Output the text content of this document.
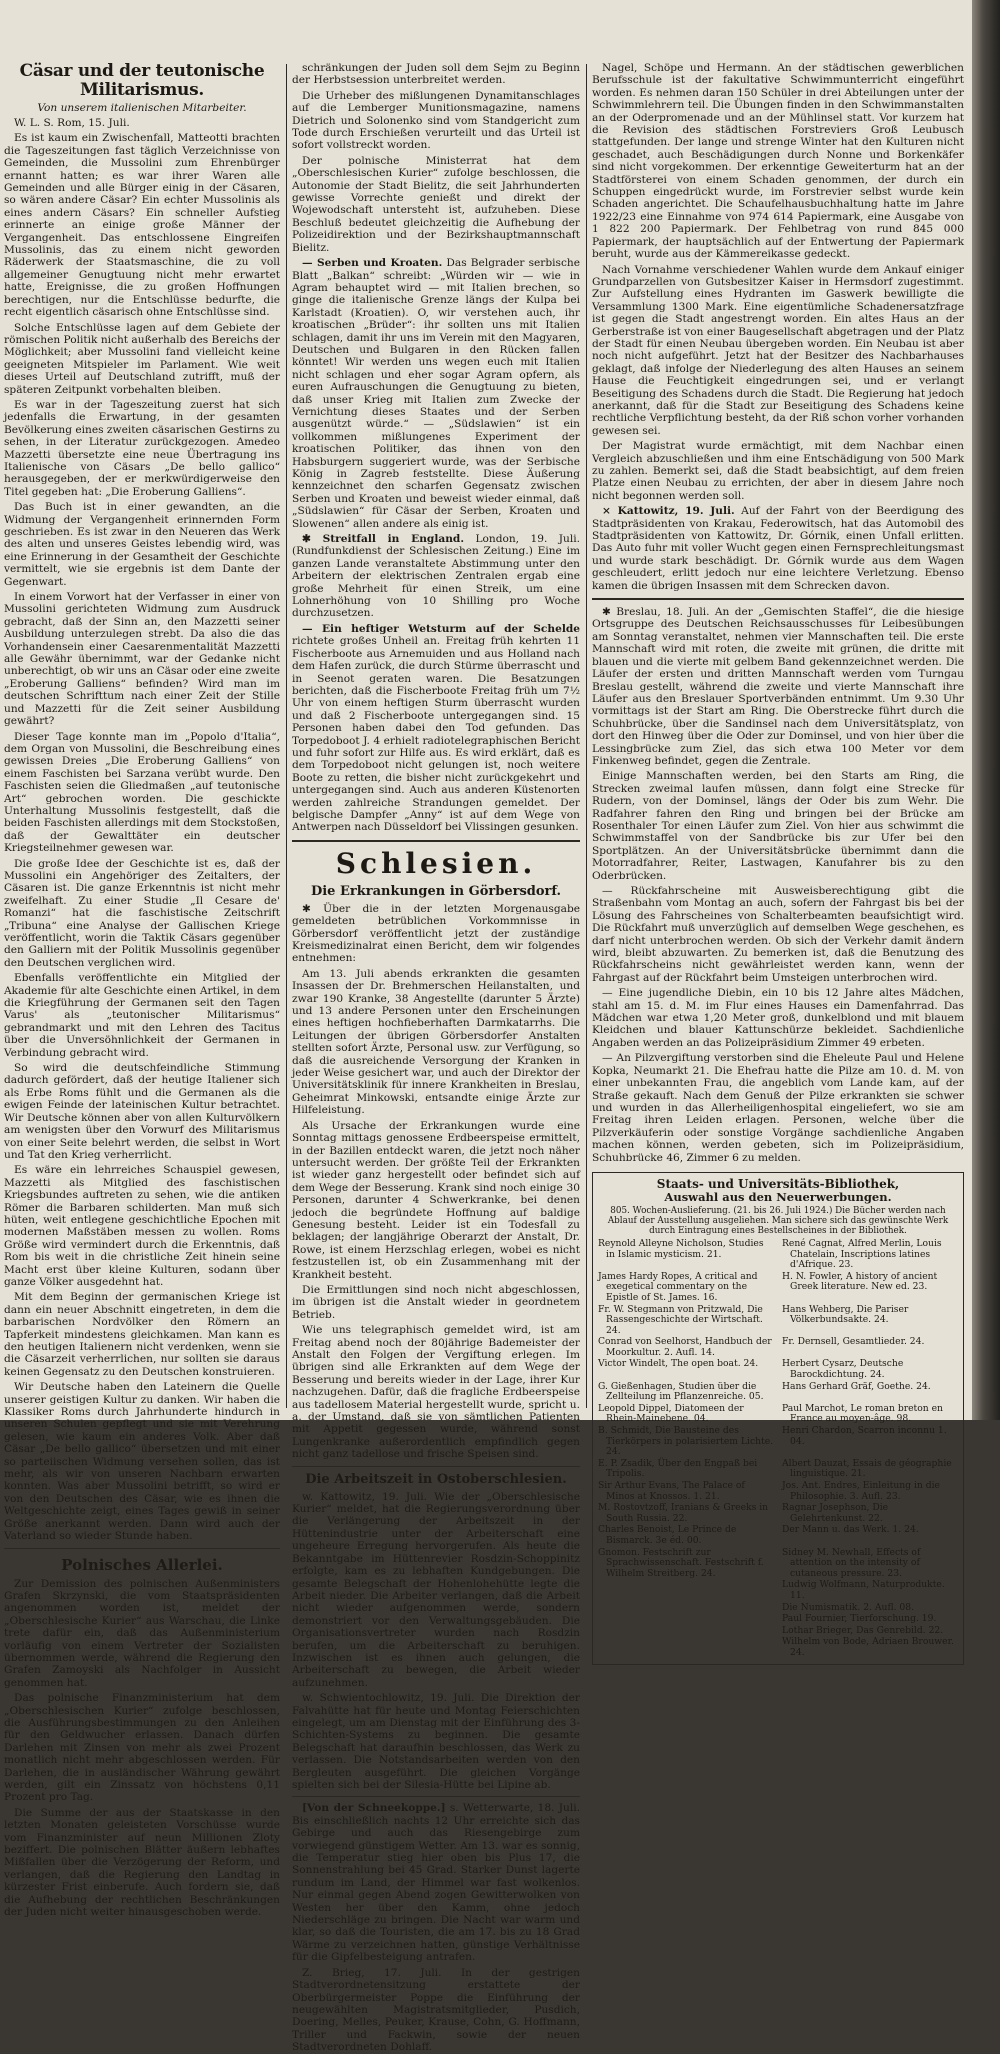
Cäsar und der teutonische Militarismus.
Von unserem italienischen Mitarbeiter.

W. L. S. Rom, 15. Juli.

Es ist kaum ein Zwischenfall, Matteotti brachten die Tageszeitungen fast täglich Verzeichnisse von Gemeinden, die Mussolini zum Ehrenbürger ernannt hatten; es war ihrer Waren alle Gemeinden und alle Bürger einig in der Cäsaren, so wären andere Cäsar? Ein echter Mussolinis als eines andern Cäsars? Ein schneller Aufstieg erinnerte an einige große Männer der Vergangenheit. Das entschlossene Eingreifen Mussolinis, das zu einem nicht geworden Räderwerk der Staatsmaschine, die zu voll allgemeiner Genugtuung nicht mehr erwartet hatte, Ereignisse, die zu großen Hoffnungen berechtigen, nur die Entschlüsse bedurfte, die recht eigentlich cäsarisch ohne Entschlüsse sind.

Solche Entschlüsse lagen auf dem Gebiete der römischen Politik nicht außerhalb des Bereichs der Möglichkeit; aber Mussolini fand vielleicht keine geeigneten Mitspieler im Parlament. Wie weit dieses Urteil auf Deutschland zutrifft, muß der späteren Zeitpunkt vorbehalten bleiben.

Es war in der Tageszeitung zuerst hat sich jedenfalls die Erwartung, in der gesamten Bevölkerung eines zweiten cäsarischen Gestirns zu sehen, in der Literatur zurückgezogen. Amedeo Mazzetti übersetzte eine neue Übertragung ins Italienische von Cäsars „De bello gallico“ herausgegeben, der er merkwürdigerweise den Titel gegeben hat: „Die Eroberung Galliens“.

Das Buch ist in einer gewandten, an die Widmung der Vergangenheit erinnernden Form geschrieben. Es ist zwar in den Neueren das Werk des alten und unseres Geistes lebendig wird, was eine Erinnerung in der Gesamtheit der Geschichte vermittelt, wie sie ergebnis ist dem Dante der Gegenwart.

In einem Vorwort hat der Verfasser in einer von Mussolini gerichteten Widmung zum Ausdruck gebracht, daß der Sinn an, den Mazzetti seiner Ausbildung unterzulegen strebt. Da also die das Vorhandensein einer Caesarenmentalität Mazzetti alle Gewähr übernimmt, war der Gedanke nicht unberechtigt, ob wir uns an Cäsar oder eine zweite „Eroberung Galliens“ befinden? Wird man im deutschen Schrifttum nach einer Zeit der Stille und Mazzetti für die Zeit seiner Ausbildung gewährt?

Dieser Tage konnte man im „Popolo d'Italia“, dem Organ von Mussolini, die Beschreibung eines gewissen Dreies „Die Eroberung Galliens“ von einem Faschisten bei Sarzana verübt wurde. Den Faschisten seien die Gliedmaßen „auf teutonische Art“ gebrochen worden. Die geschickte Unterhaltung Mussolinis festgestellt, daß die beiden Faschisten allerdings mit dem Stockstoßen, daß der Gewalttäter ein deutscher Kriegsteilnehmer gewesen war.

Die große Idee der Geschichte ist es, daß der Mussolini ein Angehöriger des Zeitalters, der Cäsaren ist. Die ganze Erkenntnis ist nicht mehr zweifelhaft. Zu einer Studie „Il Cesare de' Romanzi“ hat die faschistische Zeitschrift „Tribuna“ eine Analyse der Gallischen Kriege veröffentlicht, worin die Taktik Cäsars gegenüber den Galliern mit der Politik Mussolinis gegenüber den Deutschen verglichen wird.

Ebenfalls veröffentlichte ein Mitglied der Akademie für alte Geschichte einen Artikel, in dem die Kriegführung der Germanen seit den Tagen Varus' als „teutonischer Militarismus“ gebrandmarkt und mit den Lehren des Tacitus über die Unversöhnlichkeit der Germanen in Verbindung gebracht wird.

So wird die deutschfeindliche Stimmung dadurch gefördert, daß der heutige Italiener sich als Erbe Roms fühlt und die Germanen als die ewigen Feinde der lateinischen Kultur betrachtet. Wir Deutsche können aber von allen Kulturvölkern am wenigsten über den Vorwurf des Militarismus von einer Seite belehrt werden, die selbst in Wort und Tat den Krieg verherrlicht.

Es wäre ein lehrreiches Schauspiel gewesen, Mazzetti als Mitglied des faschistischen Kriegsbundes auftreten zu sehen, wie die antiken Römer die Barbaren schilderten. Man muß sich hüten, weit entlegene geschichtliche Epochen mit modernen Maßstäben messen zu wollen. Roms Größe wird vermindert durch die Erkenntnis, daß Rom bis weit in die christliche Zeit hinein seine Macht erst über kleine Kulturen, sodann über ganze Völker ausgedehnt hat.

Mit dem Beginn der germanischen Kriege ist dann ein neuer Abschnitt eingetreten, in dem die barbarischen Nordvölker den Römern an Tapferkeit mindestens gleichkamen. Man kann es den heutigen Italienern nicht verdenken, wenn sie die Cäsarzeit verherrlichen, nur sollten sie daraus keinen Gegensatz zu den Deutschen konstruieren.

Wir Deutsche haben den Lateinern die Quelle unserer geistigen Kultur zu danken. Wir haben die Klassiker Roms durch Jahrhunderte hindurch in unseren Schulen gepflegt und sie mit Verehrung gelesen, wie kaum ein anderes Volk. Aber daß Cäsar „De bello gallico“ übersetzen und mit einer so parteiischen Widmung versehen sollen, das ist mehr, als wir von unseren Nachbarn erwarten konnten. Was aber Mussolini betrifft, so wird er von den Deutschen des Cäsar, wie es ihnen die Weltgeschichte zeigt, eines Tages gewiß in seiner Größe anerkannt werden. Dann wird auch der Vaterland so wieder Stunde haben.

Polnisches Allerlei.

Zur Demission des polnischen Außenministers Grafen Skrzynski, die vom Staatspräsidenten angenommen worden ist, meldet der „Oberschlesische Kurier“ aus Warschau, die Linke trete dafür ein, daß das Außenministerium vorläufig von einem Vertreter der Sozialisten übernommen werde, während die Regierung den Grafen Zamoyski als Nachfolger in Aussicht genommen hat.

Das polnische Finanzministerium hat dem „Oberschlesischen Kurier“ zufolge beschlossen, die Ausführungsbestimmungen zu den Anleihen für den Geldwucher erlassen. Danach dürfen Darlehen mit Zinsen von mehr als zwei Prozent monatlich nicht mehr abgeschlossen werden. Für Darlehen, die in ausländischer Währung gewährt werden, gilt ein Zinssatz von höchstens 0,11 Prozent pro Tag.

Die Summe der aus der Staatskasse in den letzten Monaten geleisteten Vorschüsse wurde vom Finanzminister auf neun Millionen Zloty beziffert. Die polnischen Blätter äußern lebhaftes Mißfallen über die Verzögerung der Reform, und verlangen, daß die Regierung den Landtag in kürzester Frist einberufe. Auch fordern sie, daß die Aufhebung der rechtlichen Beschränkungen der Juden nicht weiter hinausgeschoben werde.

schränkungen der Juden soll dem Sejm zu Beginn der Herbstsession unterbreitet werden.

Die Urheber des mißlungenen Dynamitanschlages auf die Lemberger Munitionsmagazine, namens Dietrich und Solonenko sind vom Standgericht zum Tode durch Erschießen verurteilt und das Urteil ist sofort vollstreckt worden.

Der polnische Ministerrat hat dem „Oberschlesischen Kurier“ zufolge beschlossen, die Autonomie der Stadt Bielitz, die seit Jahrhunderten gewisse Vorrechte genießt und direkt der Wojewodschaft untersteht ist, aufzuheben. Diese Beschluß bedeutet gleichzeitig die Aufhebung der Polizeidirektion und der Bezirkshauptmannschaft Bielitz.

— Serben und Kroaten. Das Belgrader serbische Blatt „Balkan“ schreibt: „Würden wir — wie in Agram behauptet wird — mit Italien brechen, so ginge die italienische Grenze längs der Kulpa bei Karlstadt (Kroatien). O, wir verstehen auch, ihr kroatischen „Brüder“: ihr sollten uns mit Italien schlagen, damit ihr uns im Verein mit den Magyaren, Deutschen und Bulgaren in den Rücken fallen könntet! Wir werden uns wegen euch mit Italien nicht schlagen und eher sogar Agram opfern, als euren Aufrauschungen die Genugtuung zu bieten, daß unser Krieg mit Italien zum Zwecke der Vernichtung dieses Staates und der Serben ausgenützt würde.“ — „Südslawien“ ist ein vollkommen mißlungenes Experiment der kroatischen Politiker, das ihnen von den Habsburgern suggeriert wurde, was der Serbische König in Zagreb feststellte. Diese Äußerung kennzeichnet den scharfen Gegensatz zwischen Serben und Kroaten und beweist wieder einmal, daß „Südslawien“ für Cäsar der Serben, Kroaten und Slowenen“ allen andere als einig ist.

✱ Streitfall in England. London, 19. Juli. (Rundfunkdienst der Schlesischen Zeitung.) Eine im ganzen Lande veranstaltete Abstimmung unter den Arbeitern der elektrischen Zentralen ergab eine große Mehrheit für einen Streik, um eine Lohnerhöhung von 10 Shilling pro Woche durchzusetzen.

— Ein heftiger Wetsturm auf der Schelde richtete großes Unheil an. Freitag früh kehrten 11 Fischerboote aus Arnemuiden und aus Holland nach dem Hafen zurück, die durch Stürme überrascht und in Seenot geraten waren. Die Besatzungen berichten, daß die Fischerboote Freitag früh um 7½ Uhr von einem heftigen Sturm überrascht wurden und daß 2 Fischerboote untergegangen sind. 15 Personen haben dabei den Tod gefunden. Das Torpedoboot J. 4 erhielt radiotelegraphischen Bericht und fuhr sofort zur Hilfe aus. Es wird erklärt, daß es dem Torpedoboot nicht gelungen ist, noch weitere Boote zu retten, die bisher nicht zurückgekehrt und untergegangen sind. Auch aus anderen Küstenorten werden zahlreiche Strandungen gemeldet. Der belgische Dampfer „Anny“ ist auf dem Wege von Antwerpen nach Düsseldorf bei Vlissingen gesunken.

Schlesien.
Die Erkrankungen in Görbersdorf.

✱ Über die in der letzten Morgenausgabe gemeldeten betrüblichen Vorkommnisse in Görbersdorf veröffentlicht jetzt der zuständige Kreismedizinalrat einen Bericht, dem wir folgendes entnehmen:

Am 13. Juli abends erkrankten die gesamten Insassen der Dr. Brehmerschen Heilanstalten, und zwar 190 Kranke, 38 Angestellte (darunter 5 Ärzte) und 13 andere Personen unter den Erscheinungen eines heftigen hochfieberhaften Darmkatarrhs. Die Leitungen der übrigen Görbersdorfer Anstalten stellten sofort Ärzte, Personal usw. zur Verfügung, so daß die ausreichende Versorgung der Kranken in jeder Weise gesichert war, und auch der Direktor der Universitätsklinik für innere Krankheiten in Breslau, Geheimrat Minkowski, entsandte einige Ärzte zur Hilfeleistung.

Als Ursache der Erkrankungen wurde eine Sonntag mittags genossene Erdbeerspeise ermittelt, in der Bazillen entdeckt waren, die jetzt noch näher untersucht werden. Der größte Teil der Erkrankten ist wieder ganz hergestellt oder befindet sich auf dem Wege der Besserung. Krank sind noch einige 30 Personen, darunter 4 Schwerkranke, bei denen jedoch die begründete Hoffnung auf baldige Genesung besteht. Leider ist ein Todesfall zu beklagen; der langjährige Oberarzt der Anstalt, Dr. Rowe, ist einem Herzschlag erlegen, wobei es nicht festzustellen ist, ob ein Zusammenhang mit der Krankheit besteht.

Die Ermittlungen sind noch nicht abgeschlossen, im übrigen ist die Anstalt wieder in geordnetem Betrieb.

Wie uns telegraphisch gemeldet wird, ist am Freitag abend noch der 80jährige Bademeister der Anstalt den Folgen der Vergiftung erlegen. Im übrigen sind alle Erkrankten auf dem Wege der Besserung und bereits wieder in der Lage, ihrer Kur nachzugehen. Dafür, daß die fragliche Erdbeerspeise aus tadellosem Material hergestellt wurde, spricht u. a. der Umstand, daß sie von sämtlichen Patienten mit Appetit gegessen wurde, während sonst Lungenkranke außerordentlich empfindlich gegen nicht ganz tadellose und frische Speisen sind.

Die Arbeitszeit in Ostoberschlesien.

w. Kattowitz, 19. Juli. Wie der „Oberschlesische Kurier“ meldet, hat die Regierungsverordnung über die Verlängerung der Arbeitszeit in der Hüttenindustrie unter der Arbeiterschaft eine ungeheure Erregung hervorgerufen. Als heute die Bekanntgabe im Hüttenrevier Rosdzin-Schoppinitz erfolgte, kam es zu lebhaften Kundgebungen. Die gesamte Belegschaft der Hohenlohehütte legte die Arbeit nieder. Die Arbeiter verlangen, daß die Arbeit nicht wieder aufgenommen werde, sondern demonstriert vor den Verwaltungsgebäuden. Die Organisationsvertreter wurden nach Rosdzin berufen, um die Arbeiterschaft zu beruhigen. Inzwischen ist es ihnen auch gelungen, die Arbeiterschaft zu bewegen, die Arbeit wieder aufzunehmen.

w. Schwientochlowitz, 19. Juli. Die Direktion der Falvahütte hat für heute und Montag Feierschichten eingelegt, um am Dienstag mit der Einführung des 3-Schichten-Systems zu beginnen. Die gesamte Belegschaft hat daraufhin beschlossen, das Werk zu verlassen. Die Notstandsarbeiten werden von den Bergleuten ausgeführt. Die gleichen Vorgänge spielten sich bei der Silesia-Hütte bei Lipine ab.

[Von der Schneekoppe.] s. Wetterwarte, 18. Juli. Bis einschließlich nachts 12 Uhr erreichte sich das Gebirge und auch das Riesengebirge zum vorwiegend günstigem Wetter. Am 13. war es sonnig, die Temperatur stieg hier oben bis Plus 17, die Sonnenstrahlung bei 45 Grad. Starker Dunst lagerte rundum im Land, der Himmel war fast wolkenlos. Nur einmal gegen Abend zogen Gewitterwolken von Westen her über den Kamm, ohne jedoch Niederschläge zu bringen. Die Nacht war warm und klar, so daß die Touristen, die am 17. bis zu 18 Grad Wärme zu verzeichnen hatten, günstige Verhältnisse für die Gipfelbesteigung antrafen.

Z. Brieg, 17. Juli. In der gestrigen Stadtverordnetensitzung erstattete der Oberbürgermeister Poppe die Einführung der neugewählten Magistratsmitglieder, Pusdich, Doering, Melles, Peuker, Krause, Cohn, G. Hoffmann, Triller und Fackwin, sowie der neuen Stadtverordneten Dohlaff.

Nagel, Schöpe und Hermann. An der städtischen gewerblichen Berufsschule ist der fakultative Schwimmunterricht eingeführt worden. Es nehmen daran 150 Schüler in drei Abteilungen unter der Schwimmlehrern teil. Die Übungen finden in den Schwimmanstalten an der Oderpromenade und an der Mühlinsel statt. Vor kurzem hat die Revision des städtischen Forstreviers Groß Leubusch stattgefunden. Der lange und strenge Winter hat den Kulturen nicht geschadet, auch Beschädigungen durch Nonne und Borkenkäfer sind nicht vorgekommen. Der erkenntige Geweiterturm hat an der Stadtförsterei von einem Schaden genommen, der durch ein Schuppen eingedrückt wurde, im Forstrevier selbst wurde kein Schaden angerichtet. Die Schaufelhausbuchhaltung hatte im Jahre 1922/23 eine Einnahme von 974 614 Papiermark, eine Ausgabe von 1 822 200 Papiermark. Der Fehlbetrag von rund 845 000 Papiermark, der hauptsächlich auf der Entwertung der Papiermark beruht, wurde aus der Kämmereikasse gedeckt.

Nach Vornahme verschiedener Wahlen wurde dem Ankauf einiger Grundparzellen von Gutsbesitzer Kaiser in Hermsdorf zugestimmt. Zur Aufstellung eines Hydranten im Gaswerk bewilligte die Versammlung 1300 Mark. Eine eigentümliche Schadenersatzfrage ist gegen die Stadt angestrengt worden. Ein altes Haus an der Gerberstraße ist von einer Baugesellschaft abgetragen und der Platz der Stadt für einen Neubau übergeben worden. Ein Neubau ist aber noch nicht aufgeführt. Jetzt hat der Besitzer des Nachbarhauses geklagt, daß infolge der Niederlegung des alten Hauses an seinem Hause die Feuchtigkeit eingedrungen sei, und er verlangt Beseitigung des Schadens durch die Stadt. Die Regierung hat jedoch anerkannt, daß für die Stadt zur Beseitigung des Schadens keine rechtliche Verpflichtung besteht, da der Riß schon vorher vorhanden gewesen sei.

Der Magistrat wurde ermächtigt, mit dem Nachbar einen Vergleich abzuschließen und ihm eine Entschädigung von 500 Mark zu zahlen. Bemerkt sei, daß die Stadt beabsichtigt, auf dem freien Platze einen Neubau zu errichten, der aber in diesem Jahre noch nicht begonnen werden soll.

× Kattowitz, 19. Juli. Auf der Fahrt von der Beerdigung des Stadtpräsidenten von Krakau, Federowitsch, hat das Automobil des Stadtpräsidenten von Kattowitz, Dr. Górnik, einen Unfall erlitten. Das Auto fuhr mit voller Wucht gegen einen Fernsprechleitungsmast und wurde stark beschädigt. Dr. Górnik wurde aus dem Wagen geschleudert, erlitt jedoch nur eine leichtere Verletzung. Ebenso kamen die übrigen Insassen mit dem Schrecken davon.

✱ Breslau, 18. Juli. An der „Gemischten Staffel“, die die hiesige Ortsgruppe des Deutschen Reichsausschusses für Leibesübungen am Sonntag veranstaltet, nehmen vier Mannschaften teil. Die erste Mannschaft wird mit roten, die zweite mit grünen, die dritte mit blauen und die vierte mit gelbem Band gekennzeichnet werden. Die Läufer der ersten und dritten Mannschaft werden vom Turngau Breslau gestellt, während die zweite und vierte Mannschaft ihre Läufer aus den Breslauer Sportverbänden entnimmt. Um 9.30 Uhr vormittags ist der Start am Ring. Die Oberstrecke führt durch die Schuhbrücke, über die Sandinsel nach dem Universitätsplatz, von dort den Hinweg über die Oder zur Dominsel, und von hier über die Lessingbrücke zum Ziel, das sich etwa 100 Meter vor dem Finkenweg befindet, gegen die Zentrale.

Einige Mannschaften werden, bei den Starts am Ring, die Strecken zweimal laufen müssen, dann folgt eine Strecke für Rudern, von der Dominsel, längs der Oder bis zum Wehr. Die Radfahrer fahren den Ring und bringen bei der Brücke am Rosenthaler Tor einen Läufer zum Ziel. Von hier aus schwimmt die Schwimmstaffel von der Sandbrücke bis zur Ufer bei den Sportplätzen. An der Universitätsbrücke übernimmt dann die Motorradfahrer, Reiter, Lastwagen, Kanufahrer bis zu den Oderbrücken.

— Rückfahrscheine mit Ausweisberechtigung gibt die Straßenbahn vom Montag an auch, sofern der Fahrgast bis bei der Lösung des Fahrscheines von Schalterbeamten beaufsichtigt wird. Die Rückfahrt muß unverzüglich auf demselben Wege geschehen, es darf nicht unterbrochen werden. Ob sich der Verkehr damit ändern wird, bleibt abzuwarten. Zu bemerken ist, daß die Benutzung des Rückfahrscheins nicht gewährleistet werden kann, wenn der Fahrgast auf der Rückfahrt beim Umsteigen unterbrochen wird.

— Eine jugendliche Diebin, ein 10 bis 12 Jahre altes Mädchen, stahl am 15. d. M. im Flur eines Hauses ein Damenfahrrad. Das Mädchen war etwa 1,20 Meter groß, dunkelblond und mit blauem Kleidchen und blauer Kattunschürze bekleidet. Sachdienliche Angaben werden an das Polizeipräsidium Zimmer 49 erbeten.

— An Pilzvergiftung verstorben sind die Eheleute Paul und Helene Kopka, Neumarkt 21. Die Ehefrau hatte die Pilze am 10. d. M. von einer unbekannten Frau, die angeblich vom Lande kam, auf der Straße gekauft. Nach dem Genuß der Pilze erkrankten sie schwer und wurden in das Allerheiligenhospital eingeliefert, wo sie am Freitag ihren Leiden erlagen. Personen, welche über die Pilzverkäuferin oder sonstige Vorgänge sachdienliche Angaben machen können, werden gebeten, sich im Polizeipräsidium, Schuhbrücke 46, Zimmer 6 zu melden.

Staats- und Universitäts-Bibliothek,
Auswahl aus den Neuerwerbungen.
805. Wochen-Auslieferung. (21. bis 26. Juli 1924.) Die Bücher werden nach Ablauf der Ausstellung ausgeliehen. Man sichere sich das gewünschte Werk durch Eintragung eines Bestellscheines in der Bibliothek.
Reynold Alleyne Nicholson, Studies in Islamic mysticism. 21.
René Cagnat, Alfred Merlin, Louis Chatelain, Inscriptions latines d'Afrique. 23.
James Hardy Ropes, A critical and exegetical commentary on the Epistle of St. James. 16.
H. N. Fowler, A history of ancient Greek literature. New ed. 23.
Fr. W. Stegmann von Pritzwald, Die Rassengeschichte der Wirtschaft. 24.
Hans Wehberg, Die Pariser Völkerbundsakte. 24.
Conrad von Seelhorst, Handbuch der Moorkultur. 2. Aufl. 14.
Fr. Dernsell, Gesamtlieder. 24.
Victor Windelt, The open boat. 24.	Herbert Cysarz, Deutsche Barockdichtung. 24.
G. Gießenhagen, Studien über die Zellteilung im Pflanzenreiche. 05.
Hans Gerhard Gräf, Goethe. 24.
Leopold Dippel, Diatomeen der Rhein-Mainebene. 04.
Paul Marchot, Le roman breton en France au moyen-âge. 98.
B. Schmidt, Die Bausteine des Tierkörpers in polarisiertem Lichte. 24.
Henri Chardon, Scarron inconnu 1. 04.
E. P. Zsadik, Über den Engpaß bei Tripolis.
Albert Dauzat, Essais de géographie linguistique. 21.
Sir Arthur Evans, The Palace of Minos at Knossos. 1. 21.
Jos. Ant. Endres, Einleitung in die Philosophie. 3. Aufl. 23.
M. Rostovtzoff, Iranians & Greeks in South Russia. 22.
Ragnar Josephson, Die Gelehrtenkunst. 22.
Charles Benoist, Le Prince de Bismarck. 3e éd. 00.
Der Mann u. das Werk. 1. 24.
Gnomon. Festschrift zur Sprachwissenschaft. Festschrift f. Wilhelm Streitberg. 24.
Sidney M. Newhall, Effects of attention on the intensity of cutaneous pressure. 23.
Ludwig Wolfmann, Naturprodukte. 11.
Die Numismatik. 2. Aufl. 08.
Paul Fournier, Tierforschung. 19.
Lothar Brieger, Das Genrebild. 22.
Wilhelm von Bode, Adriaen Brouwer. 24.
